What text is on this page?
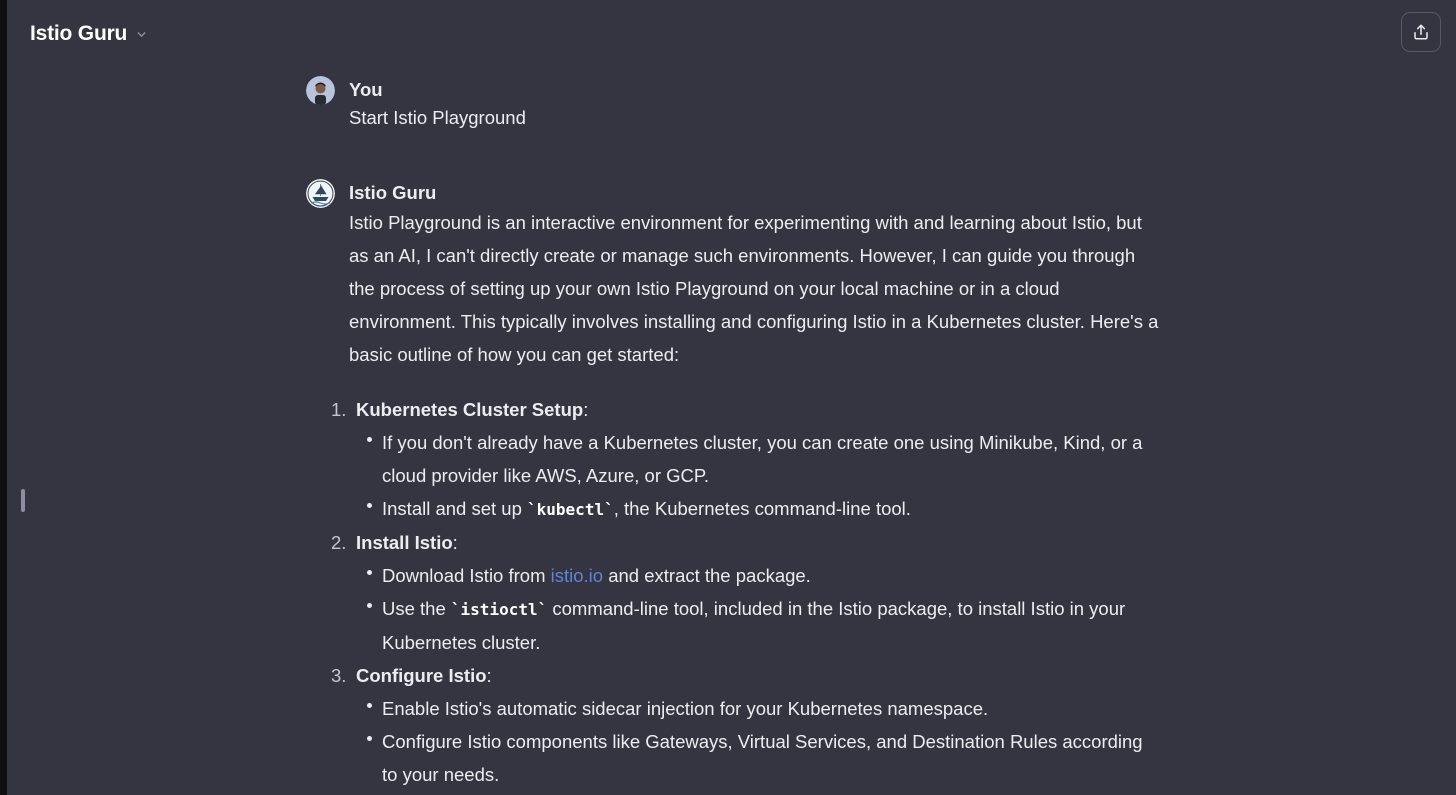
Istio Guru
You
Start Istio Playground
Istio Guru

Istio Playground is an interactive environment for experimenting with and learning about Istio, but as an AI, I can't directly create or manage such environments. However, I can guide you through the process of setting up your own Istio Playground on your local machine or in a cloud environment. This typically involves installing and configuring Istio in a Kubernetes cluster. Here's a basic outline of how you can get started:

1. Kubernetes Cluster Setup:
If you don't already have a Kubernetes cluster, you can create one using Minikube, Kind, or a cloud provider like AWS, Azure, or GCP.
Install and set up `kubectl`, the Kubernetes command-line tool.
2. Install Istio:
Download Istio from istio.io and extract the package.
Use the `istioctl` command-line tool, included in the Istio package, to install Istio in your Kubernetes cluster.
3. Configure Istio:
Enable Istio's automatic sidecar injection for your Kubernetes namespace.
Configure Istio components like Gateways, Virtual Services, and Destination Rules according to your needs.
